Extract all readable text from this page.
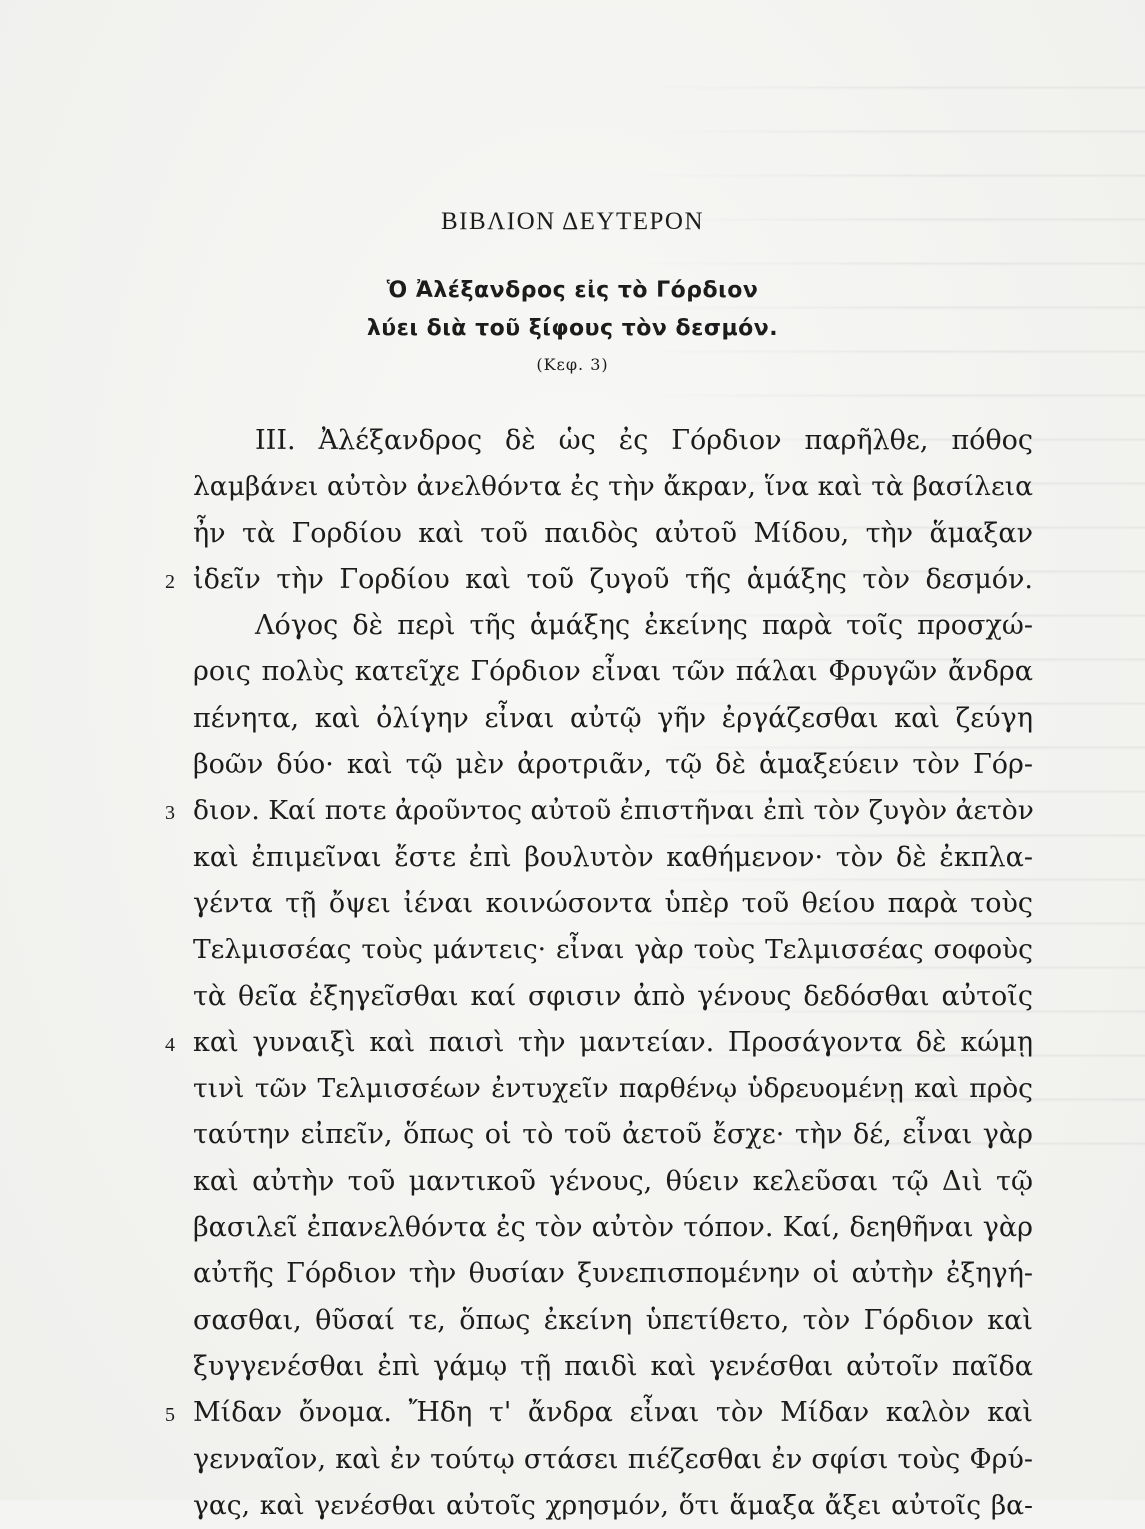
ΒΙΒΛΙΟΝ ΔΕΥΤΕΡΟΝ
Ὁ Ἀλέξανδρος εἰς τὸ Γόρδιον
λύει διὰ τοῦ ξίφους τὸν δεσμόν.
(Κεφ. 3)
III. Ἀλέξανδρος δὲ ὡς ἐς Γόρδιον παρῆλθε, πόθος
λαμβάνει αὐτὸν ἀνελθόντα ἐς τὴν ἄκραν, ἵνα καὶ τὰ βασίλεια
ἦν τὰ Γορδίου καὶ τοῦ παιδὸς αὐτοῦ Μίδου, τὴν ἅμαξαν
2 ἰδεῖν τὴν Γορδίου καὶ τοῦ ζυγοῦ τῆς ἁμάξης τὸν δεσμόν.
Λόγος δὲ περὶ τῆς ἁμάξης ἐκείνης παρὰ τοῖς προσχώ-
ροις πολὺς κατεῖχε Γόρδιον εἶναι τῶν πάλαι Φρυγῶν ἄνδρα
πένητα, καὶ ὀλίγην εἶναι αὐτῷ γῆν ἐργάζεσθαι καὶ ζεύγη
βοῶν δύο· καὶ τῷ μὲν ἀροτριᾶν, τῷ δὲ ἁμαξεύειν τὸν Γόρ-
3 διον. Καί ποτε ἀροῦντος αὐτοῦ ἐπιστῆναι ἐπὶ τὸν ζυγὸν ἀετὸν
καὶ ἐπιμεῖναι ἔστε ἐπὶ βουλυτὸν καθήμενον· τὸν δὲ ἐκπλα-
γέντα τῇ ὄψει ἰέναι κοινώσοντα ὑπὲρ τοῦ θείου παρὰ τοὺς
Τελμισσέας τοὺς μάντεις· εἶναι γὰρ τοὺς Τελμισσέας σοφοὺς
τὰ θεῖα ἐξηγεῖσθαι καί σφισιν ἀπὸ γένους δεδόσθαι αὐτοῖς
4 καὶ γυναιξὶ καὶ παισὶ τὴν μαντείαν. Προσάγοντα δὲ κώμῃ
τινὶ τῶν Τελμισσέων ἐντυχεῖν παρθένῳ ὑδρευομένῃ καὶ πρὸς
ταύτην εἰπεῖν, ὅπως οἱ τὸ τοῦ ἀετοῦ ἔσχε· τὴν δέ, εἶναι γὰρ
καὶ αὐτὴν τοῦ μαντικοῦ γένους, θύειν κελεῦσαι τῷ Διὶ τῷ
βασιλεῖ ἐπανελθόντα ἐς τὸν αὐτὸν τόπον. Καί, δεηθῆναι γὰρ
αὐτῆς Γόρδιον τὴν θυσίαν ξυνεπισπομένην οἱ αὐτὴν ἐξηγή-
σασθαι, θῦσαί τε, ὅπως ἐκείνη ὑπετίθετο, τὸν Γόρδιον καὶ
ξυγγενέσθαι ἐπὶ γάμῳ τῇ παιδὶ καὶ γενέσθαι αὐτοῖν παῖδα
5 Μίδαν ὄνομα. Ἤδη τ' ἄνδρα εἶναι τὸν Μίδαν καλὸν καὶ
γενναῖον, καὶ ἐν τούτῳ στάσει πιέζεσθαι ἐν σφίσι τοὺς Φρύ-
γας, καὶ γενέσθαι αὐτοῖς χρησμόν, ὅτι ἅμαξα ἄξει αὐτοῖς βα-
